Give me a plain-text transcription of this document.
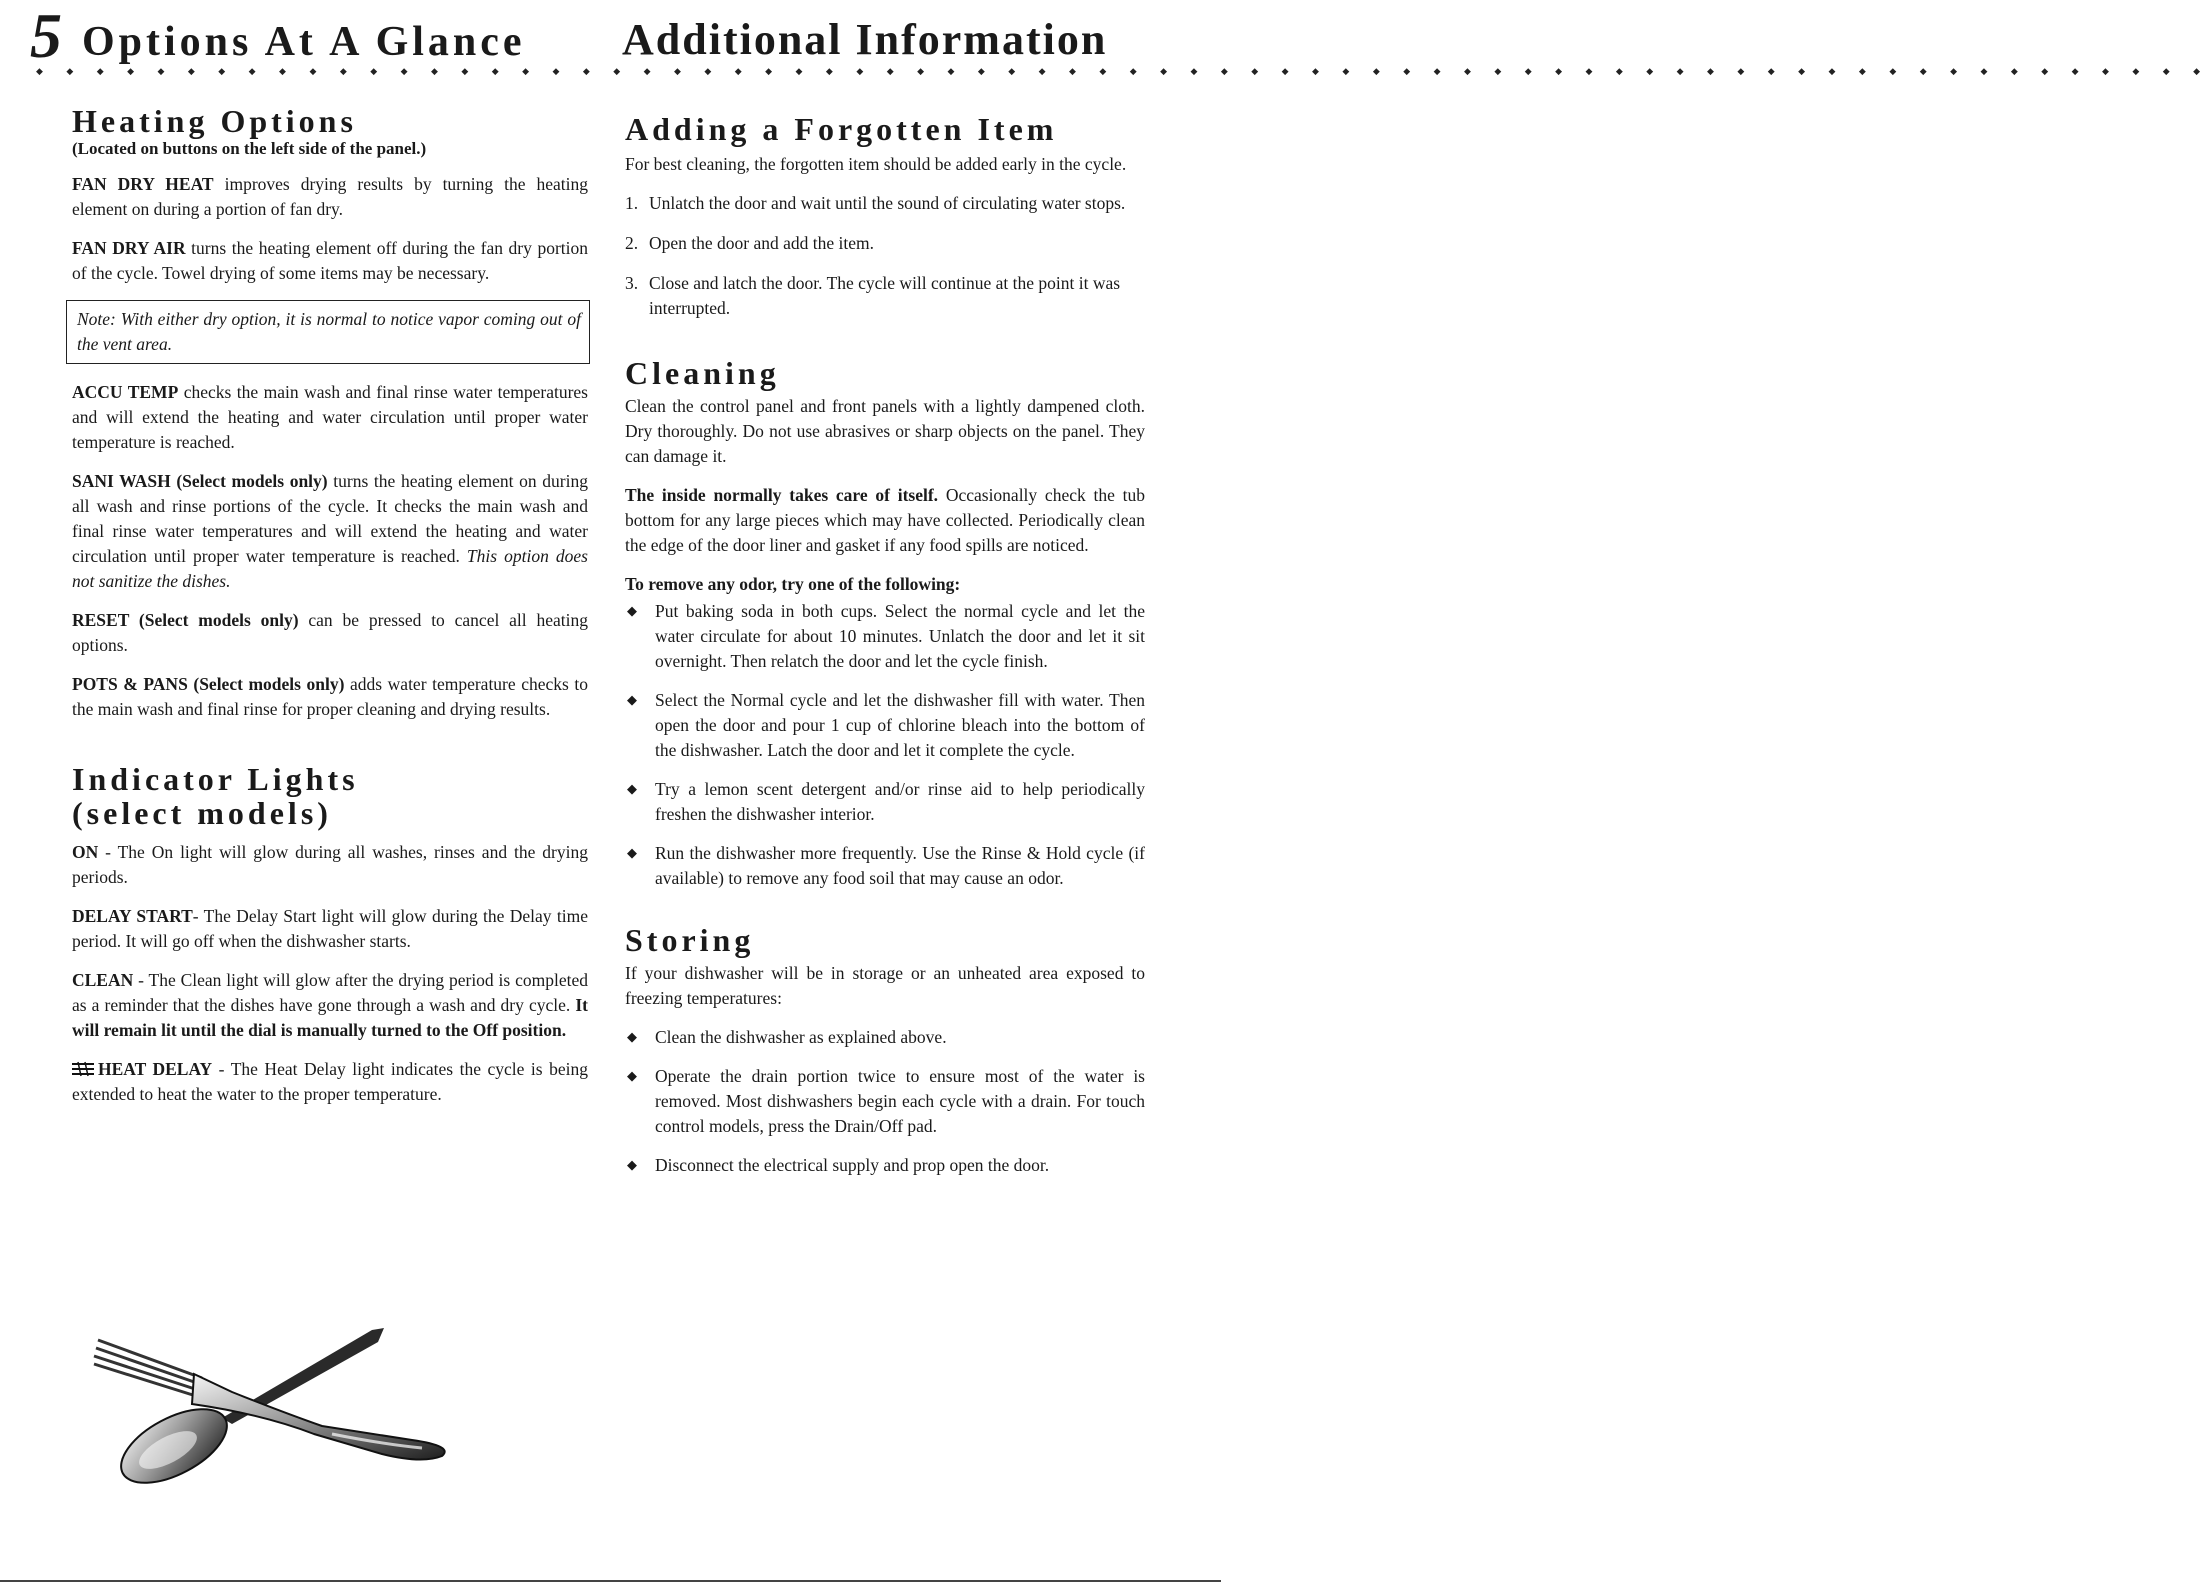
5 Options At A Glance Additional Information
◆ ◆ ◆ ◆ ◆ ◆ ◆ ◆ ◆ ◆ ◆ ◆ ◆ ◆ ◆ ◆ ◆ ◆ ◆ ◆ ◆ ◆ ◆ ◆ ◆ ◆ ◆ ◆ ◆ ◆ ◆ ◆ ◆ ◆ ◆ ◆ ◆ ◆ ◆ ◆ ◆ ◆ ◆ ◆ ◆ ◆ ◆ ◆ ◆ ◆ ◆ ◆ ◆ ◆ ◆ ◆ ◆ ◆ ◆ ◆ ◆ ◆ ◆ ◆ ◆ ◆ ◆ ◆ ◆ ◆ ◆ ◆
Heating Options
(Located on buttons on the left side of the panel.)

FAN DRY HEAT improves drying results by turning the heating element on during a portion of fan dry.

FAN DRY AIR turns the heating element off during the fan dry portion of the cycle. Towel drying of some items may be necessary.

Note: With either dry option, it is normal to notice vapor coming out of the vent area.

ACCU TEMP checks the main wash and final rinse water temperatures and will extend the heating and water circulation until proper water temperature is reached.

SANI WASH (Select models only) turns the heating element on during all wash and rinse portions of the cycle. It checks the main wash and final rinse water temperatures and will extend the heating and water circulation until proper water temperature is reached. This option does not sanitize the dishes.

RESET (Select models only) can be pressed to cancel all heating options.

POTS & PANS (Select models only) adds water temperature checks to the main wash and final rinse for proper cleaning and drying results.

Indicator Lights
(select models)

ON - The On light will glow during all washes, rinses and the drying periods.

DELAY START- The Delay Start light will glow during the Delay time period. It will go off when the dishwasher starts.

CLEAN - The Clean light will glow after the drying period is completed as a reminder that the dishes have gone through a wash and dry cycle. It will remain lit until the dial is manually turned to the Off position.

HEAT DELAY - The Heat Delay light indicates the cycle is being extended to heat the water to the proper temperature.

Adding a Forgotten Item

For best cleaning, the forgotten item should be added early in the cycle.

1. Unlatch the door and wait until the sound of circulating water stops.
2. Open the door and add the item.
3. Close and latch the door. The cycle will continue at the point it was interrupted.
Cleaning

Clean the control panel and front panels with a lightly dampened cloth. Dry thoroughly. Do not use abrasives or sharp objects on the panel. They can damage it.

The inside normally takes care of itself. Occasionally check the tub bottom for any large pieces which may have collected. Periodically clean the edge of the door liner and gasket if any food spills are noticed.

To remove any odor, try one of the following:
◆ Put baking soda in both cups. Select the normal cycle and let the water circulate for about 10 minutes. Unlatch the door and let it sit overnight. Then relatch the door and let the cycle finish.
◆ Select the Normal cycle and let the dishwasher fill with water. Then open the door and pour 1 cup of chlorine bleach into the bottom of the dishwasher. Latch the door and let it complete the cycle.
◆ Try a lemon scent detergent and/or rinse aid to help periodically freshen the dishwasher interior.
◆ Run the dishwasher more frequently. Use the Rinse & Hold cycle (if available) to remove any food soil that may cause an odor.
Storing

If your dishwasher will be in storage or an unheated area exposed to freezing temperatures:

◆ Clean the dishwasher as explained above.
◆ Operate the drain portion twice to ensure most of the water is removed. Most dishwashers begin each cycle with a drain. For touch control models, press the Drain/Off pad.
◆ Disconnect the electrical supply and prop open the door.
